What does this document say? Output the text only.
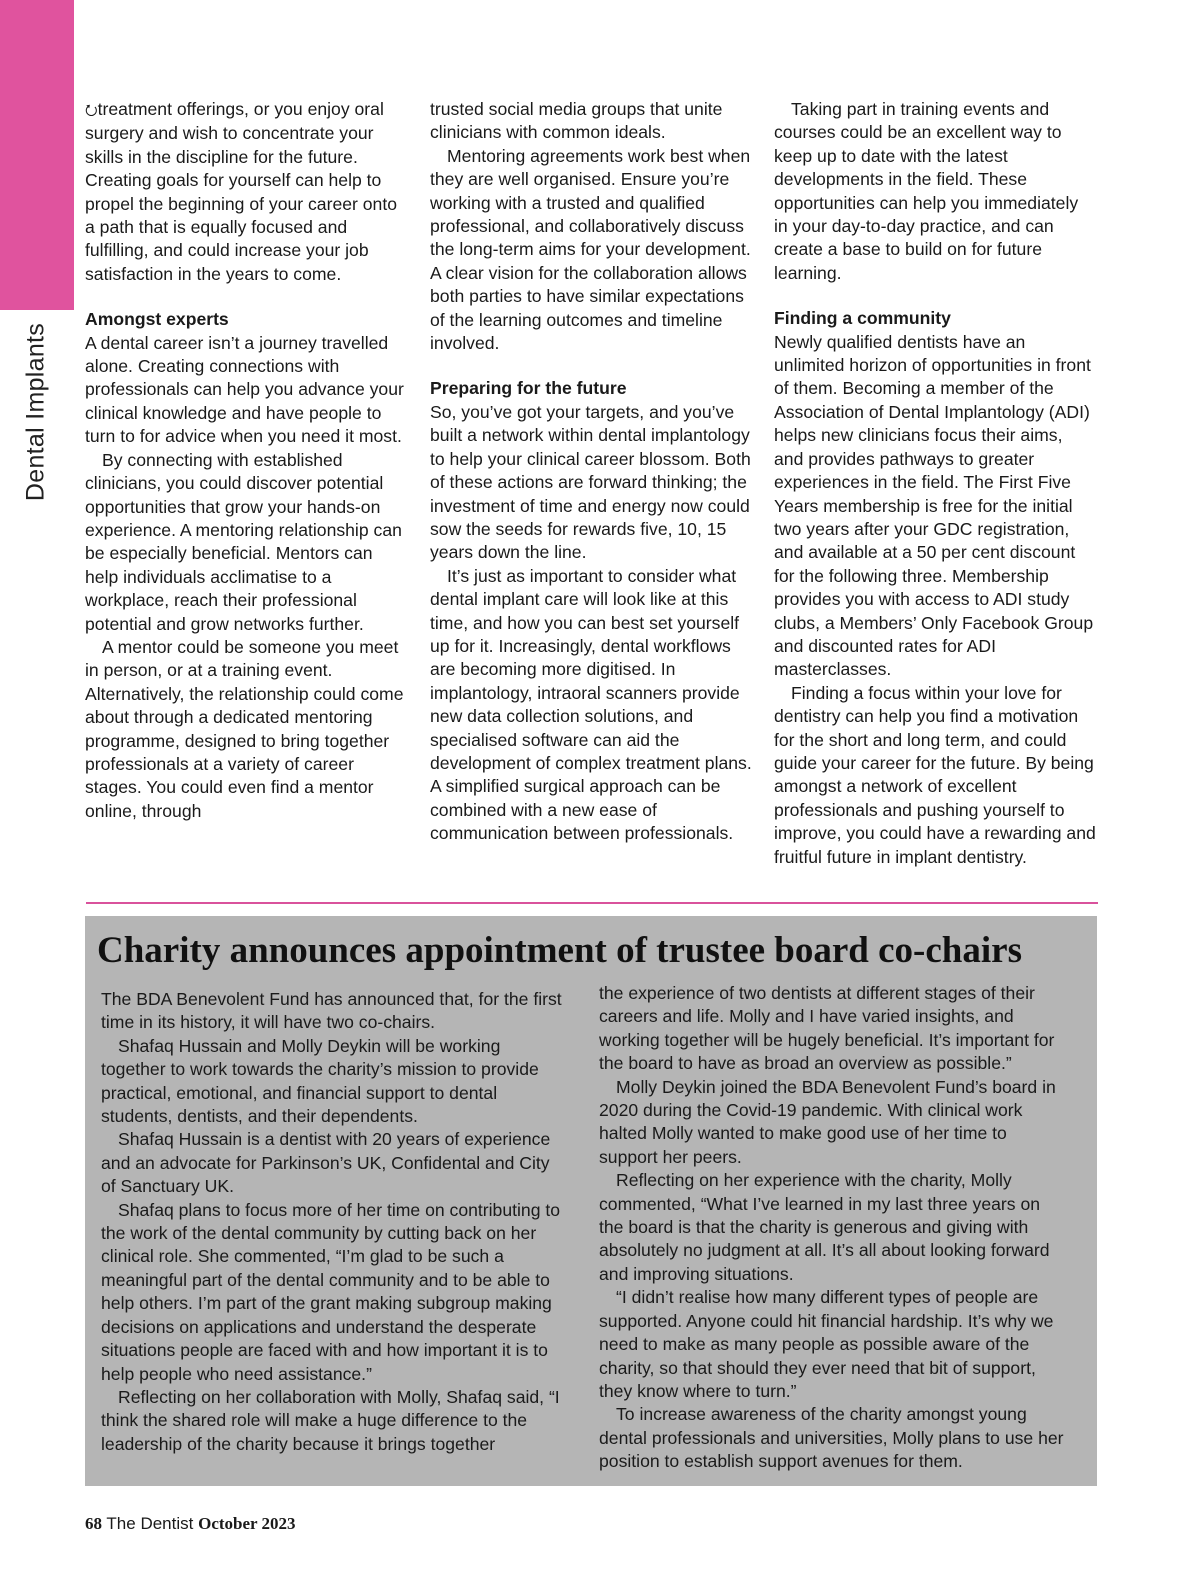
Dental Implants

⭮treatment offerings, or you enjoy oral surgery and wish to concentrate your skills in the discipline for the future. Creating goals for yourself can help to propel the beginning of your career onto a path that is equally focused and fulfilling, and could increase your job satisfaction in the years to come.

Amongst experts

A dental career isn’t a journey travelled alone. Creating connections with professionals can help you advance your clinical knowledge and have people to turn to for advice when you need it most.

By connecting with established clinicians, you could discover potential opportunities that grow your hands-on experience. A mentoring relationship can be especially beneficial. Mentors can help individuals acclimatise to a workplace, reach their professional potential and grow networks further.

A mentor could be someone you meet in person, or at a training event. Alternatively, the relationship could come about through a dedicated mentoring programme, designed to bring together professionals at a variety of career stages. You could even find a mentor online, through

trusted social media groups that unite clinicians with common ideals.

Mentoring agreements work best when they are well organised. Ensure you’re working with a trusted and qualified professional, and collaboratively discuss the long-term aims for your development. A clear vision for the collaboration allows both parties to have similar expectations of the learning outcomes and timeline involved.

Preparing for the future

So, you’ve got your targets, and you’ve built a network within dental implantology to help your clinical career blossom. Both of these actions are forward thinking; the investment of time and energy now could sow the seeds for rewards five, 10, 15 years down the line.

It’s just as important to consider what dental implant care will look like at this time, and how you can best set yourself up for it. Increasingly, dental workflows are becoming more digitised. In implantology, intraoral scanners provide new data collection solutions, and specialised software can aid the development of complex treatment plans. A simplified surgical approach can be combined with a new ease of communication between professionals.

Taking part in training events and courses could be an excellent way to keep up to date with the latest developments in the field. These opportunities can help you immediately in your day-to-day practice, and can create a base to build on for future learning.

Finding a community

Newly qualified dentists have an unlimited horizon of opportunities in front of them. Becoming a member of the Association of Dental Implantology (ADI) helps new clinicians focus their aims, and provides pathways to greater experiences in the field. The First Five Years membership is free for the initial two years after your GDC registration, and available at a 50 per cent discount for the following three. Membership provides you with access to ADI study clubs, a Members’ Only Facebook Group and discounted rates for ADI masterclasses.

Finding a focus within your love for dentistry can help you find a motivation for the short and long term, and could guide your career for the future. By being amongst a network of excellent professionals and pushing yourself to improve, you could have a rewarding and fruitful future in implant dentistry.

Charity announces appointment of trustee board co-chairs

The BDA Benevolent Fund has announced that, for the first time in its history, it will have two co-chairs.

Shafaq Hussain and Molly Deykin will be working together to work towards the charity’s mission to provide practical, emotional, and financial support to dental students, dentists, and their dependents.

Shafaq Hussain is a dentist with 20 years of experience and an advocate for Parkinson’s UK, Confidental and City of Sanctuary UK.

Shafaq plans to focus more of her time on contributing to the work of the dental community by cutting back on her clinical role. She commented, “I’m glad to be such a meaningful part of the dental community and to be able to help others. I’m part of the grant making subgroup making decisions on applications and understand the desperate situations people are faced with and how important it is to help people who need assistance.”

Reflecting on her collaboration with Molly, Shafaq said, “I think the shared role will make a huge difference to the leadership of the charity because it brings together

the experience of two dentists at different stages of their careers and life. Molly and I have varied insights, and working together will be hugely beneficial. It’s important for the board to have as broad an overview as possible.”

Molly Deykin joined the BDA Benevolent Fund’s board in 2020 during the Covid-19 pandemic. With clinical work halted Molly wanted to make good use of her time to support her peers.

Reflecting on her experience with the charity, Molly commented, “What I’ve learned in my last three years on the board is that the charity is generous and giving with absolutely no judgment at all. It’s all about looking forward and improving situations.

“I didn’t realise how many different types of people are supported. Anyone could hit financial hardship. It’s why we need to make as many people as possible aware of the charity, so that should they ever need that bit of support, they know where to turn.”

To increase awareness of the charity amongst young dental professionals and universities, Molly plans to use her position to establish support avenues for them.

68 The Dentist October 2023
